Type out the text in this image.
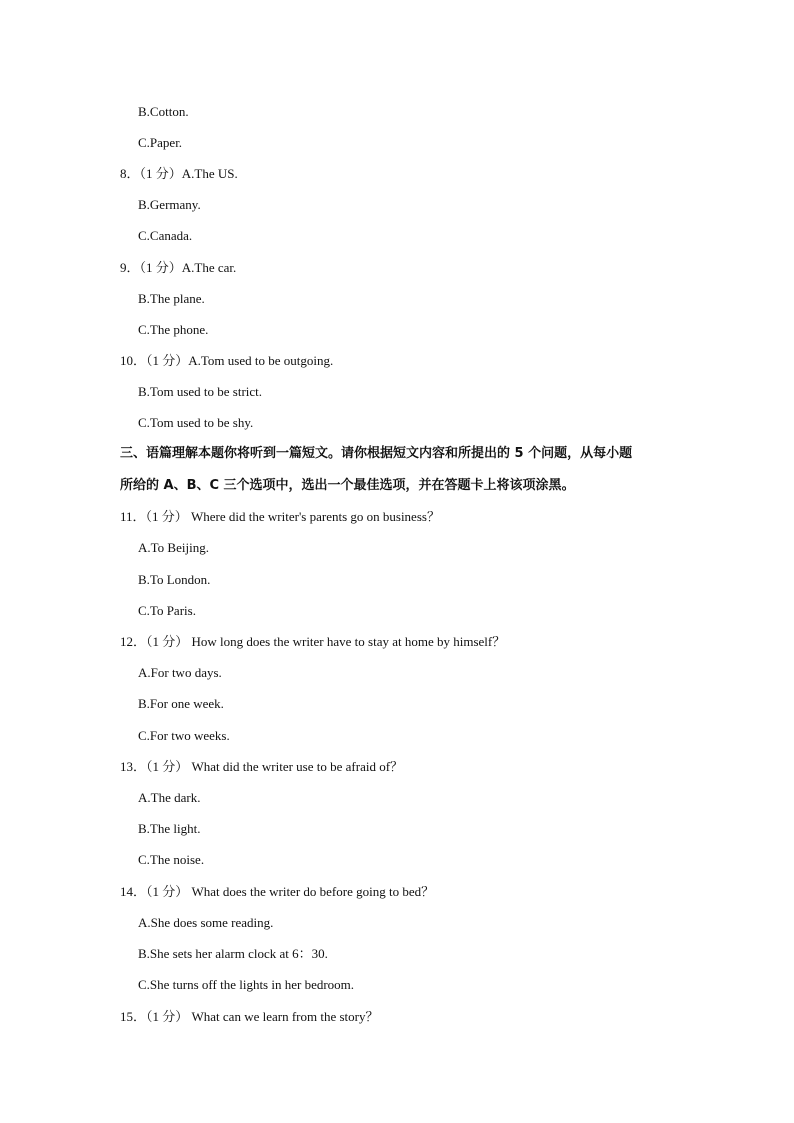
B.Cotton.
C.Paper.
8．（1 分）A.The US.
B.Germany.
C.Canada.
9．（1 分）A.The car.
B.The plane.
C.The phone.
10．（1 分）A.Tom used to be outgoing.
B.Tom used to be strict.
C.Tom used to be shy.
三、语篇理解本题你将听到一篇短文。请你根据短文内容和所提出的 5 个问题，从每小题
所给的 A、B、C 三个选项中，选出一个最佳选项，并在答题卡上将该项涂黑。
11．（1 分） Where did the writer's parents go on business？
A.To Beijing.
B.To London.
C.To Paris.
12．（1 分） How long does the writer have to stay at home by himself？
A.For two days.
B.For one week.
C.For two weeks.
13．（1 分） What did the writer use to be afraid of？
A.The dark.
B.The light.
C.The noise.
14．（1 分） What does the writer do before going to bed？
A.She does some reading.
B.She sets her alarm clock at 6：30.
C.She turns off the lights in her bedroom.
15．（1 分） What can we learn from the story？
